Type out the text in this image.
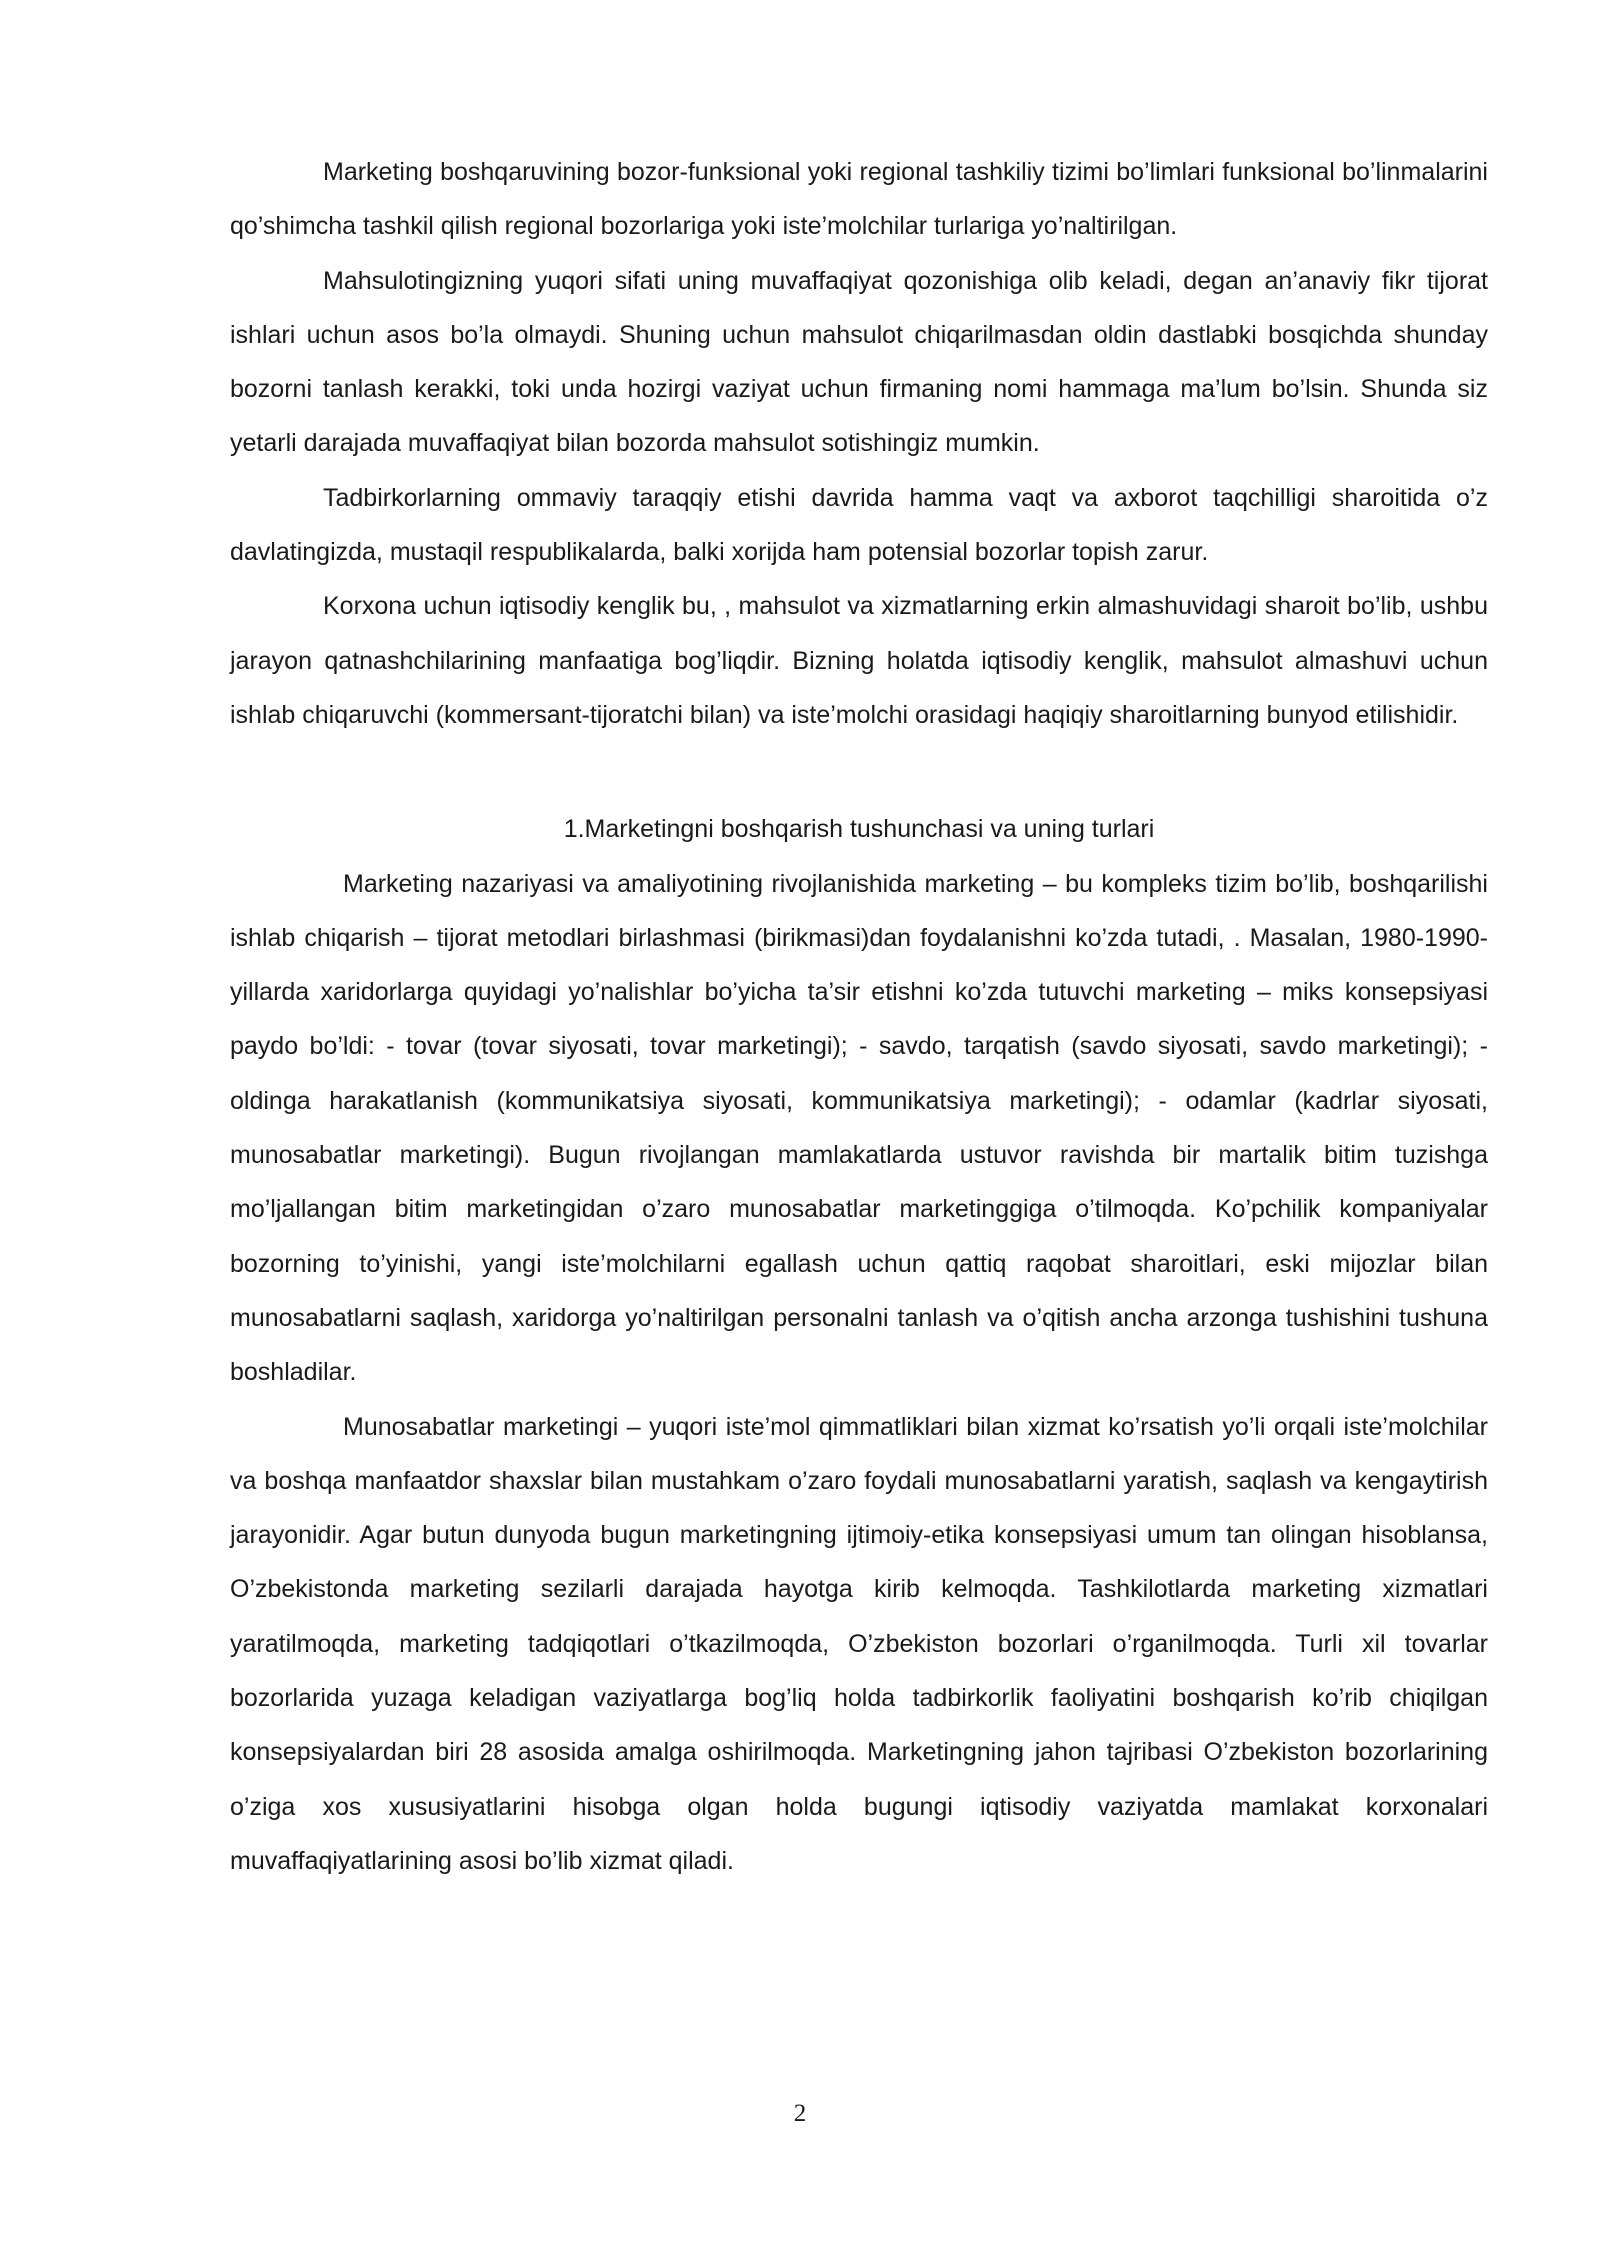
Marketing boshqaruvining bozor-funksional yoki regional tashkiliy tizimi bo’limlari funksional bo’linmalarini qo’shimcha tashkil qilish regional bozorlariga yoki iste’molchilar turlariga yo’naltirilgan.

Mahsulotingizning yuqori sifati uning muvaffaqiyat qozonishiga olib keladi, degan an’anaviy fikr tijorat ishlari uchun asos bo’la olmaydi. Shuning uchun mahsulot chiqarilmasdan oldin dastlabki bosqichda shunday bozorni tanlash kerakki, toki unda hozirgi vaziyat uchun firmaning nomi hammaga ma’lum bo’lsin. Shunda siz yetarli darajada muvaffaqiyat bilan bozorda mahsulot sotishingiz mumkin.

Tadbirkorlarning ommaviy taraqqiy etishi davrida hamma vaqt va axborot taqchilligi sharoitida o’z davlatingizda, mustaqil respublikalarda, balki xorijda ham potensial bozorlar topish zarur.

Korxona uchun iqtisodiy kenglik bu, , mahsulot va xizmatlarning erkin almashuvidagi sharoit bo’lib, ushbu jarayon qatnashchilarining manfaatiga bog’liqdir. Bizning holatda iqtisodiy kenglik, mahsulot almashuvi uchun ishlab chiqaruvchi (kommersant-tijoratchi bilan) va iste’molchi orasidagi haqiqiy sharoitlarning bunyod etilishidir.

1.Marketingni boshqarish tushunchasi va uning turlari

Marketing nazariyasi va amaliyotining rivojlanishida marketing – bu kompleks tizim bo’lib, boshqarilishi ishlab chiqarish – tijorat metodlari birlashmasi (birikmasi)dan foydalanishni ko’zda tutadi, . Masalan, 1980-1990-yillarda xaridorlarga quyidagi yo’nalishlar bo’yicha ta’sir etishni ko’zda tutuvchi marketing – miks konsepsiyasi paydo bo’ldi: - tovar (tovar siyosati, tovar marketingi); - savdo, tarqatish (savdo siyosati, savdo marketingi); - oldinga harakatlanish (kommunikatsiya siyosati, kommunikatsiya marketingi); - odamlar (kadrlar siyosati, munosabatlar marketingi). Bugun rivojlangan mamlakatlarda ustuvor ravishda bir martalik bitim tuzishga mo’ljallangan bitim marketingidan o’zaro munosabatlar marketinggiga o’tilmoqda. Ko’pchilik kompaniyalar bozorning to’yinishi, yangi iste’molchilarni egallash uchun qattiq raqobat sharoitlari, eski mijozlar bilan munosabatlarni saqlash, xaridorga yo’naltirilgan personalni tanlash va o’qitish ancha arzonga tushishini tushuna boshladilar.

Munosabatlar marketingi – yuqori iste’mol qimmatliklari bilan xizmat ko’rsatish yo’li orqali iste’molchilar va boshqa manfaatdor shaxslar bilan mustahkam o’zaro foydali munosabatlarni yaratish, saqlash va kengaytirish jarayonidir. Agar butun dunyoda bugun marketingning ijtimoiy-etika konsepsiyasi umum tan olingan hisoblansa, O’zbekistonda marketing sezilarli darajada hayotga kirib kelmoqda. Tashkilotlarda marketing xizmatlari yaratilmoqda, marketing tadqiqotlari o’tkazilmoqda, O’zbekiston bozorlari o’rganilmoqda. Turli xil tovarlar bozorlarida yuzaga keladigan vaziyatlarga bog’liq holda tadbirkorlik faoliyatini boshqarish ko’rib chiqilgan konsepsiyalardan biri 28 asosida amalga oshirilmoqda. Marketingning jahon tajribasi O’zbekiston bozorlarining o’ziga xos xususiyatlarini hisobga olgan holda bugungi iqtisodiy vaziyatda mamlakat korxonalari muvaffaqiyatlarining asosi bo’lib xizmat qiladi.

2
